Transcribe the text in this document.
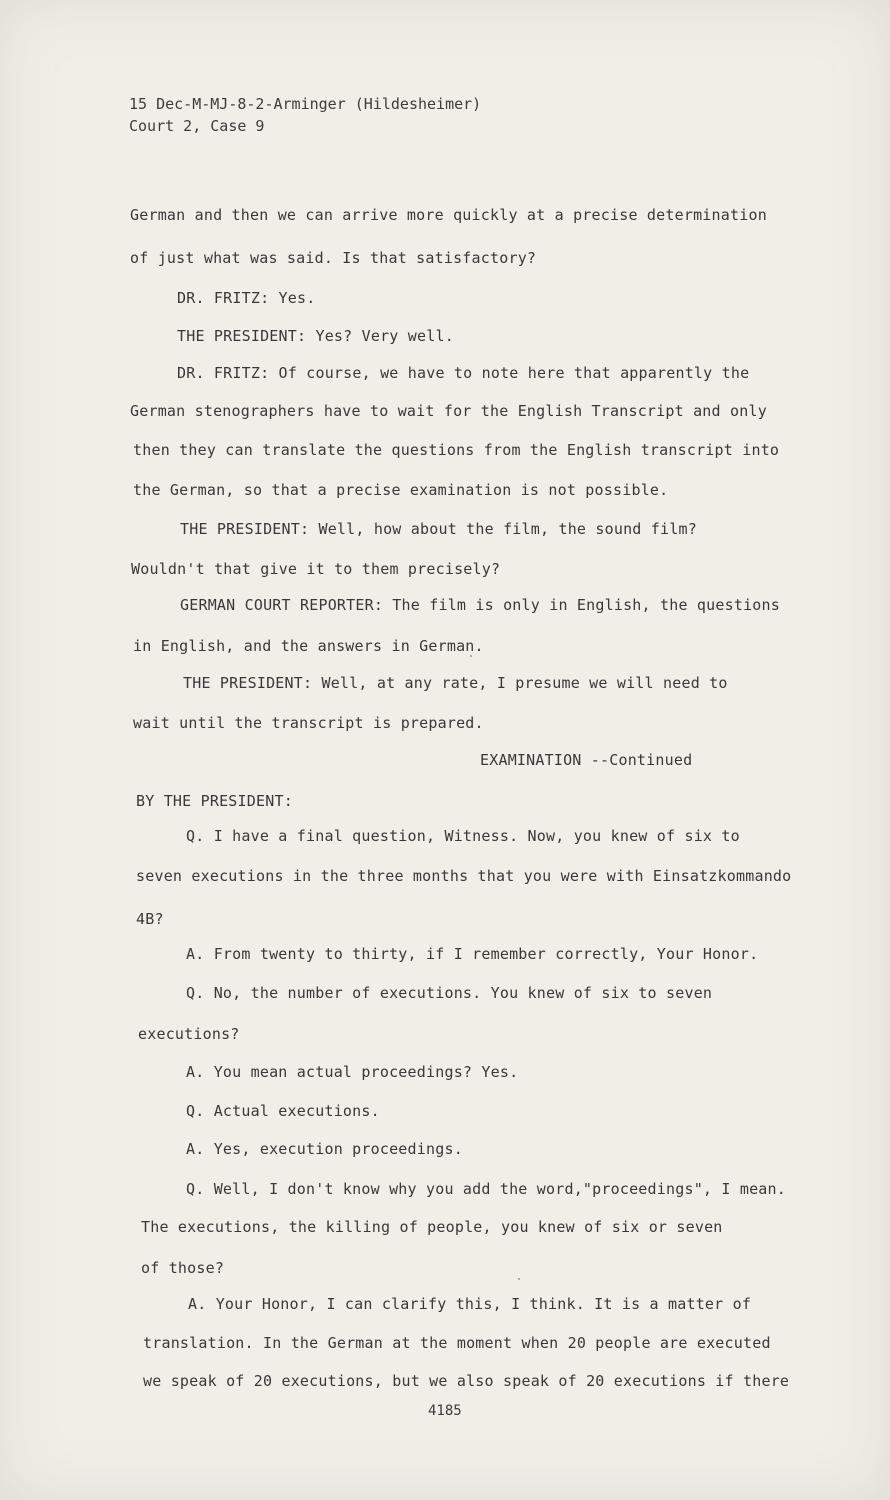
15 Dec-M-MJ-8-2-Arminger (Hildesheimer)
Court 2, Case 9
German and then we can arrive more quickly at a precise determination
of just what was said. Is that satisfactory?
DR. FRITZ: Yes.
THE PRESIDENT: Yes? Very well.
DR. FRITZ: Of course, we have to note here that apparently the
German stenographers have to wait for the English Transcript and only
then they can translate the questions from the English transcript into
the German, so that a precise examination is not possible.
THE PRESIDENT: Well, how about the film, the sound film?
Wouldn't that give it to them precisely?
GERMAN COURT REPORTER: The film is only in English, the questions
in English, and the answers in German.
THE PRESIDENT: Well, at any rate, I presume we will need to
wait until the transcript is prepared.
EXAMINATION --Continued
BY THE PRESIDENT:
Q. I have a final question, Witness. Now, you knew of six to
seven executions in the three months that you were with Einsatzkommando
4B?
A. From twenty to thirty, if I remember correctly, Your Honor.
Q. No, the number of executions. You knew of six to seven
executions?
A. You mean actual proceedings? Yes.
Q. Actual executions.
A. Yes, execution proceedings.
Q. Well, I don't know why you add the word,"proceedings", I mean.
The executions, the killing of people, you knew of six or seven
of those?
A. Your Honor, I can clarify this, I think. It is a matter of
translation. In the German at the moment when 20 people are executed
we speak of 20 executions, but we also speak of 20 executions if there
4185
